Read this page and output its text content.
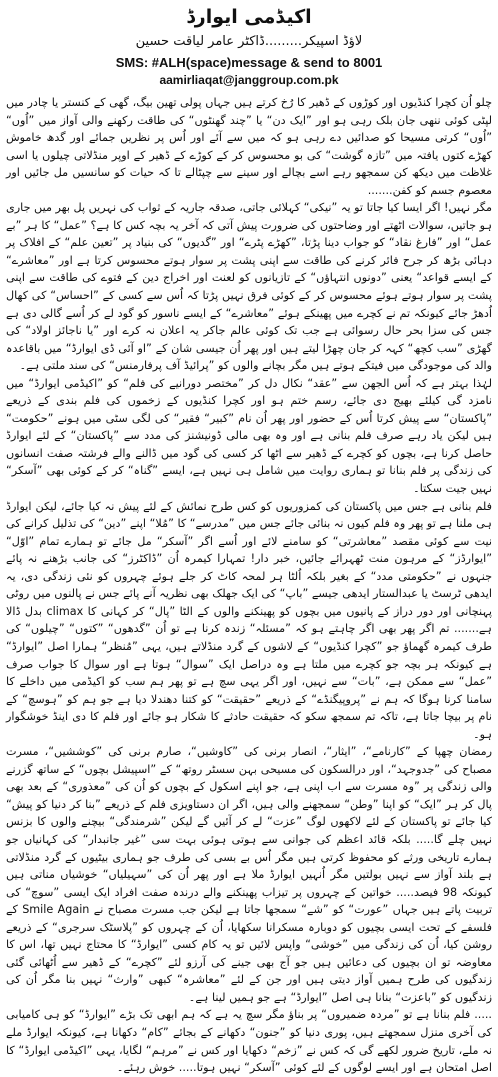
اکیڈمی ایوارڈ

لاؤڈ اسپیکر.........ڈاکٹر عامر لیاقت حسین

SMS: #ALH(space)message & send to 8001

aamirliaqat@janggroup.com.pk

چلو اُن کچرا کنڈیوں اور کوڑوں کے ڈھیر کا رُخ کرتے ہیں جہاں پولی تھین بیگ، گھی کے کنستر یا چادر میں لپٹی کوئی ننھی جان بلک رہی ہو اور ”ایک دن“ یا ”چند گھنٹوں“ کی طاقت رکھنے والی آواز میں ”اُوں“ ”اُوں“ کرتی مسیحا کو صدائیں دے رہی ہو کہ میں سے آئے اور اُس پر نظریں جمائے اور گدھ خاموش کھڑے کتوں یافتہ میں ”تازہ گوشت“ کی بو محسوس کر کے کوڑے کے ڈھیر کے اوپر منڈلاتی چیلوں یا اسی غلاظت میں دیکھ کن سمجھو رہے اسے بچالے اور سینے سے چپٹالے تا کہ حیات کو سانسیں مل جائیں اور معصوم جسم کو کفن.......

مگر نہیں! اگر ایسا کیا جاتا تو یہ ”نیکی“ کہلائی جاتی، صدقہ جاریہ کے ثواب کی نہریں پل بھر میں جاری ہو جاتیں، سوالات اٹھتے اور وضاحتوں کی ضرورت پیش آتی کہ آخر یہ بچہ کس کا ہے؟ ”عمل“ کا ہر ”بے عمل“ اور ”فارغ نقاد“ کو جواب دینا پڑتا، ”کھڑے پٹرے“ اور ”گدیوں“ کی بنیاد پر ”تعین علم“ کے افلاک پر دہائی بڑھ کر جرح فائر کرنے کی طاقت سے اپنی پشت پر سوار ہوتے محسوس کرتا ہے اور ”معاشرے“ کے ایسے قواعد“ یعنی ”دونوں انتہاؤں“ کے تازیانوں کو لعنت اور اخراج دین کے فتوے کی طاقت سے اپنی پشت پر سوار ہوتے ہوئے محسوس کر کے کوئی فرق نہیں پڑتا کہ اُس سے کسی کے ”احساس“ کی کھال اُدھڑ جائے کیونکہ تم نے کچرے میں پھینکے ہوئے ”معاشرے“ کے ایسے ناسور کو گود لے کر اُسے گالی دی ہے جس کی سزا بحر حال رسوائی ہے جب تک کوئی عالم جاکر یہ اعلان نہ کرے اور ”یا ناجائز اولاد“ کی گھڑی ”سب کچھ“ کہہ کر جان چھڑا لیتے ہیں اور پھر اُن جیسی شان کے ”او آئی ڈی ایوارڈ“ میں باقاعدہ والد کی موجودگی میں فیتکے ہوتے ہیں مگر بچانے والوں کو ”پرائیڈ آف پرفارمنس“ کی سند ملتی ہے۔

لہٰذا بہتر ہے کہ اُس الجھن سے ”عقد“ نکال دل کر ”مختصر دورانیے کی فلم“ کو ”اکیڈمی ایوارڈ“ میں نامزد گی کیلئے بھیج دی جائے، رسم ختم ہو اور کچرا کنڈیوں کے زخموں کی فلم بندی کے ذریعے ”پاکستان“ سے پیش کرتا اُس کے حضور اور پھر اُن نام ”کبیر“ فقیر“ کی لگی سٹی میں ہونے ”حکومت“ ہیں لیکن یاد رہے صرف فلم بنانی ہے اور وہ بھی مالی ڈونیشنز کی مدد سے ”پاکستان“ کے لئے ایوارڈ حاصل کرنا ہے، بچوں کو کچرے کے ڈھیر سے اٹھا کر کسی کی گود میں ڈالنے والے فرشتہ صفت انسانوں کی زندگی پر فلم بنانا تو ہماری روایت میں شامل ہی نہیں ہے، ایسے ”گناہ“ کر کے کوئی بھی ”آسکر“ نہیں جیت سکتا۔

فلم بنانی ہے جس میں پاکستان کی کمزوریوں کو کس طرح نمائش کے لئے پیش نہ کیا جائے، لیکن ایوارڈ ہی ملنا ہے تو پھر وہ فلم کیوں نہ بنائی جائے جس میں ”مدرسے“ کا ”مُلا“ اپنے ”دین“ کی تذلیل کرانے کی نیت سے کوئی مقصد ”معاشرتی“ کو سامنے لائے اور اُسے اگر ”آسکر“ مل جائے تو ہمارے تمام ”اوّل“ ”ایوارڈز“ کے مرہون منت ٹھہرائے جائیں، خبر دار! تمہارا کیمرہ اُن ”ڈاکٹرز“ کی جانب بڑھنے نہ پائے جنہوں نے ”حکومتی مدد“ کے بغیر بلکہ اُلٹا ہر لمحہ کاٹ کر جلے ہوئے چہروں کو نئی زندگی دی، یہ ایدھی ٹرسٹ یا عبدالستار ایدھی جیسے ”باپ“ کی ایک جھلک بھی نظریہ آنے پائے جس نے پالنوں میں روٹی پہنچانی اور دور دراز کے پانیوں میں بچوں کو پھینکنے والوں کے الٹا ”پال“ کر کہانی کا climax بدل ڈالا ہے....... تم اگر پھر بھی اگر چاہتے ہو کہ ”مسئلہ“ زندہ کرنا ہے تو اُن ”گدھوں“ ”کتوں“ ”چیلوں“ کی طرف کیمرہ گھماؤ جو ”کچرا کنڈیوں“ کے لاشوں کے گرد منڈلاتے ہیں، یہی ”مُنظر“ ہمارا اصل ”ایوارڈ“ ہے کیونکہ ہر بچہ جو کچرے میں ملتا ہے وہ دراصل ایک ”سوال“ ہوتا ہے اور سوال کا جواب صرف ”عمل“ سے ممکن ہے، ”بات“ سے نہیں، اور اگر یہی سچ ہے تو پھر ہم سب کو اکیڈمی میں داخلے کا سامنا کرنا ہوگا کہ ہم نے ”پروپیگنڈے“ کے ذریعے ”حقیقت“ کو کتنا دھندلا دیا ہے جو ہم کو ”ہوسچ“ کے نام پر بیچا جاتا ہے، تاکہ تم سمجھ سکو کہ حقیقت حادثے کا شکار ہو جائے اور فلم کا دی اینڈ خوشگوار ہو۔

رمضان چھپا کے ”کارنامے“، ”ایثار“، انصار برنی کی ”کاوشیں“، صارم برنی کی ”کوششیں“، مسرت مصباح کی ”جدوجہد“، اور درالسکون کی مسیحی بہن سسٹر روتھ“ کے ”اسپیشل بچوں“ کے ساتھ گزرنے والی زندگی پر ”وہ مسرت سے اب اپنی ہے، جو اپنے اسکول کے بچوں کو اُن کی ”معذوری“ کے بعد بھی پال کر ہر ”ایک“ کو اپنا ”وطن“ سمجھنے والی ہیں، اگر ان دستاویزی فلم کے ذریعے ”بنا کر دنیا کو پیش“ کیا جائے تو پاکستان کے لئے لاکھوں لوگ ”عزت“ لے کر آئیں گے لیکن ”شرمندگی“ بیچنے والوں کا بزنس نہیں چلے گا..... بلکہ قائد اعظم کی جوانی سے ہوتی ہوئی بہت سی ”غیر جانبدار“ کی کہانیاں جو ہمارے تاریخی ورثے کو محفوظ کرتی ہیں مگر اُس بے بسی کی طرف جو ہماری بیٹیوں کے گرد منڈلاتی ہے بلند آواز سے نہیں بولتیں مگر اُنہیں ایوارڈ ملا ہے اور پھر اُن کی ”سہیلیاں“ خوشیاں مناتی ہیں کیونکہ 98 فیصد..... خواتین کے چہروں پر تیزاب پھینکنے والے درندہ صفت افراد ایک ایسی ”سوچ“ کی تربیت پاتے ہیں جہاں ”عورت“ کو ”شے“ سمجھا جاتا ہے لیکن جب مسرت مصباح نے Smile Again کے فلسفے کے تحت ایسی بچیوں کو دوبارہ مسکرانا سکھایا، اُن کے چہروں کو ”پلاسٹک سرجری“ کے ذریعے روشن کیا، اُن کی زندگی میں ”خوشی“ واپس لائیں تو یہ کام کسی ”ایوارڈ“ کا محتاج نہیں تھا، اس کا معاوضہ تو ان بچیوں کی دعائیں ہیں جو آج بھی جینے کی آرزو لئے ”کچرے“ کے ڈھیر سے اُٹھائی گئی زندگیوں کی طرح ہمیں آواز دیتی ہیں اور جن کے لئے ”معاشرہ“ کبھی ”وارث“ نہیں بنا مگر اُن کی زندگیوں کو ”باعزت“ بنانا ہی اصل ”ایوارڈ“ ہے جو ہمیں لینا ہے۔

..... فلم بنانا ہے تو ”مردہ ضمیروں“ پر بناؤ مگر سچ یہ ہے کہ ہم ابھی تک بڑے ”ایوارڈ“ کو ہی کامیابی کی آخری منزل سمجھتے ہیں، پوری دنیا کو ”جنون“ دکھانے کے بجائے ”کام“ دکھانا ہے، کیونکہ ایوارڈ ملے نہ ملے، تاریخ ضرور لکھے گی کہ کس نے ”زخم“ دکھایا اور کس نے ”مرہم“ لگایا، یہی ”اکیڈمی ایوارڈ“ کا اصل امتحان ہے اور ایسے لوگوں کے لئے کوئی ”آسکر“ نہیں ہوتا..... خوش رہئے۔
